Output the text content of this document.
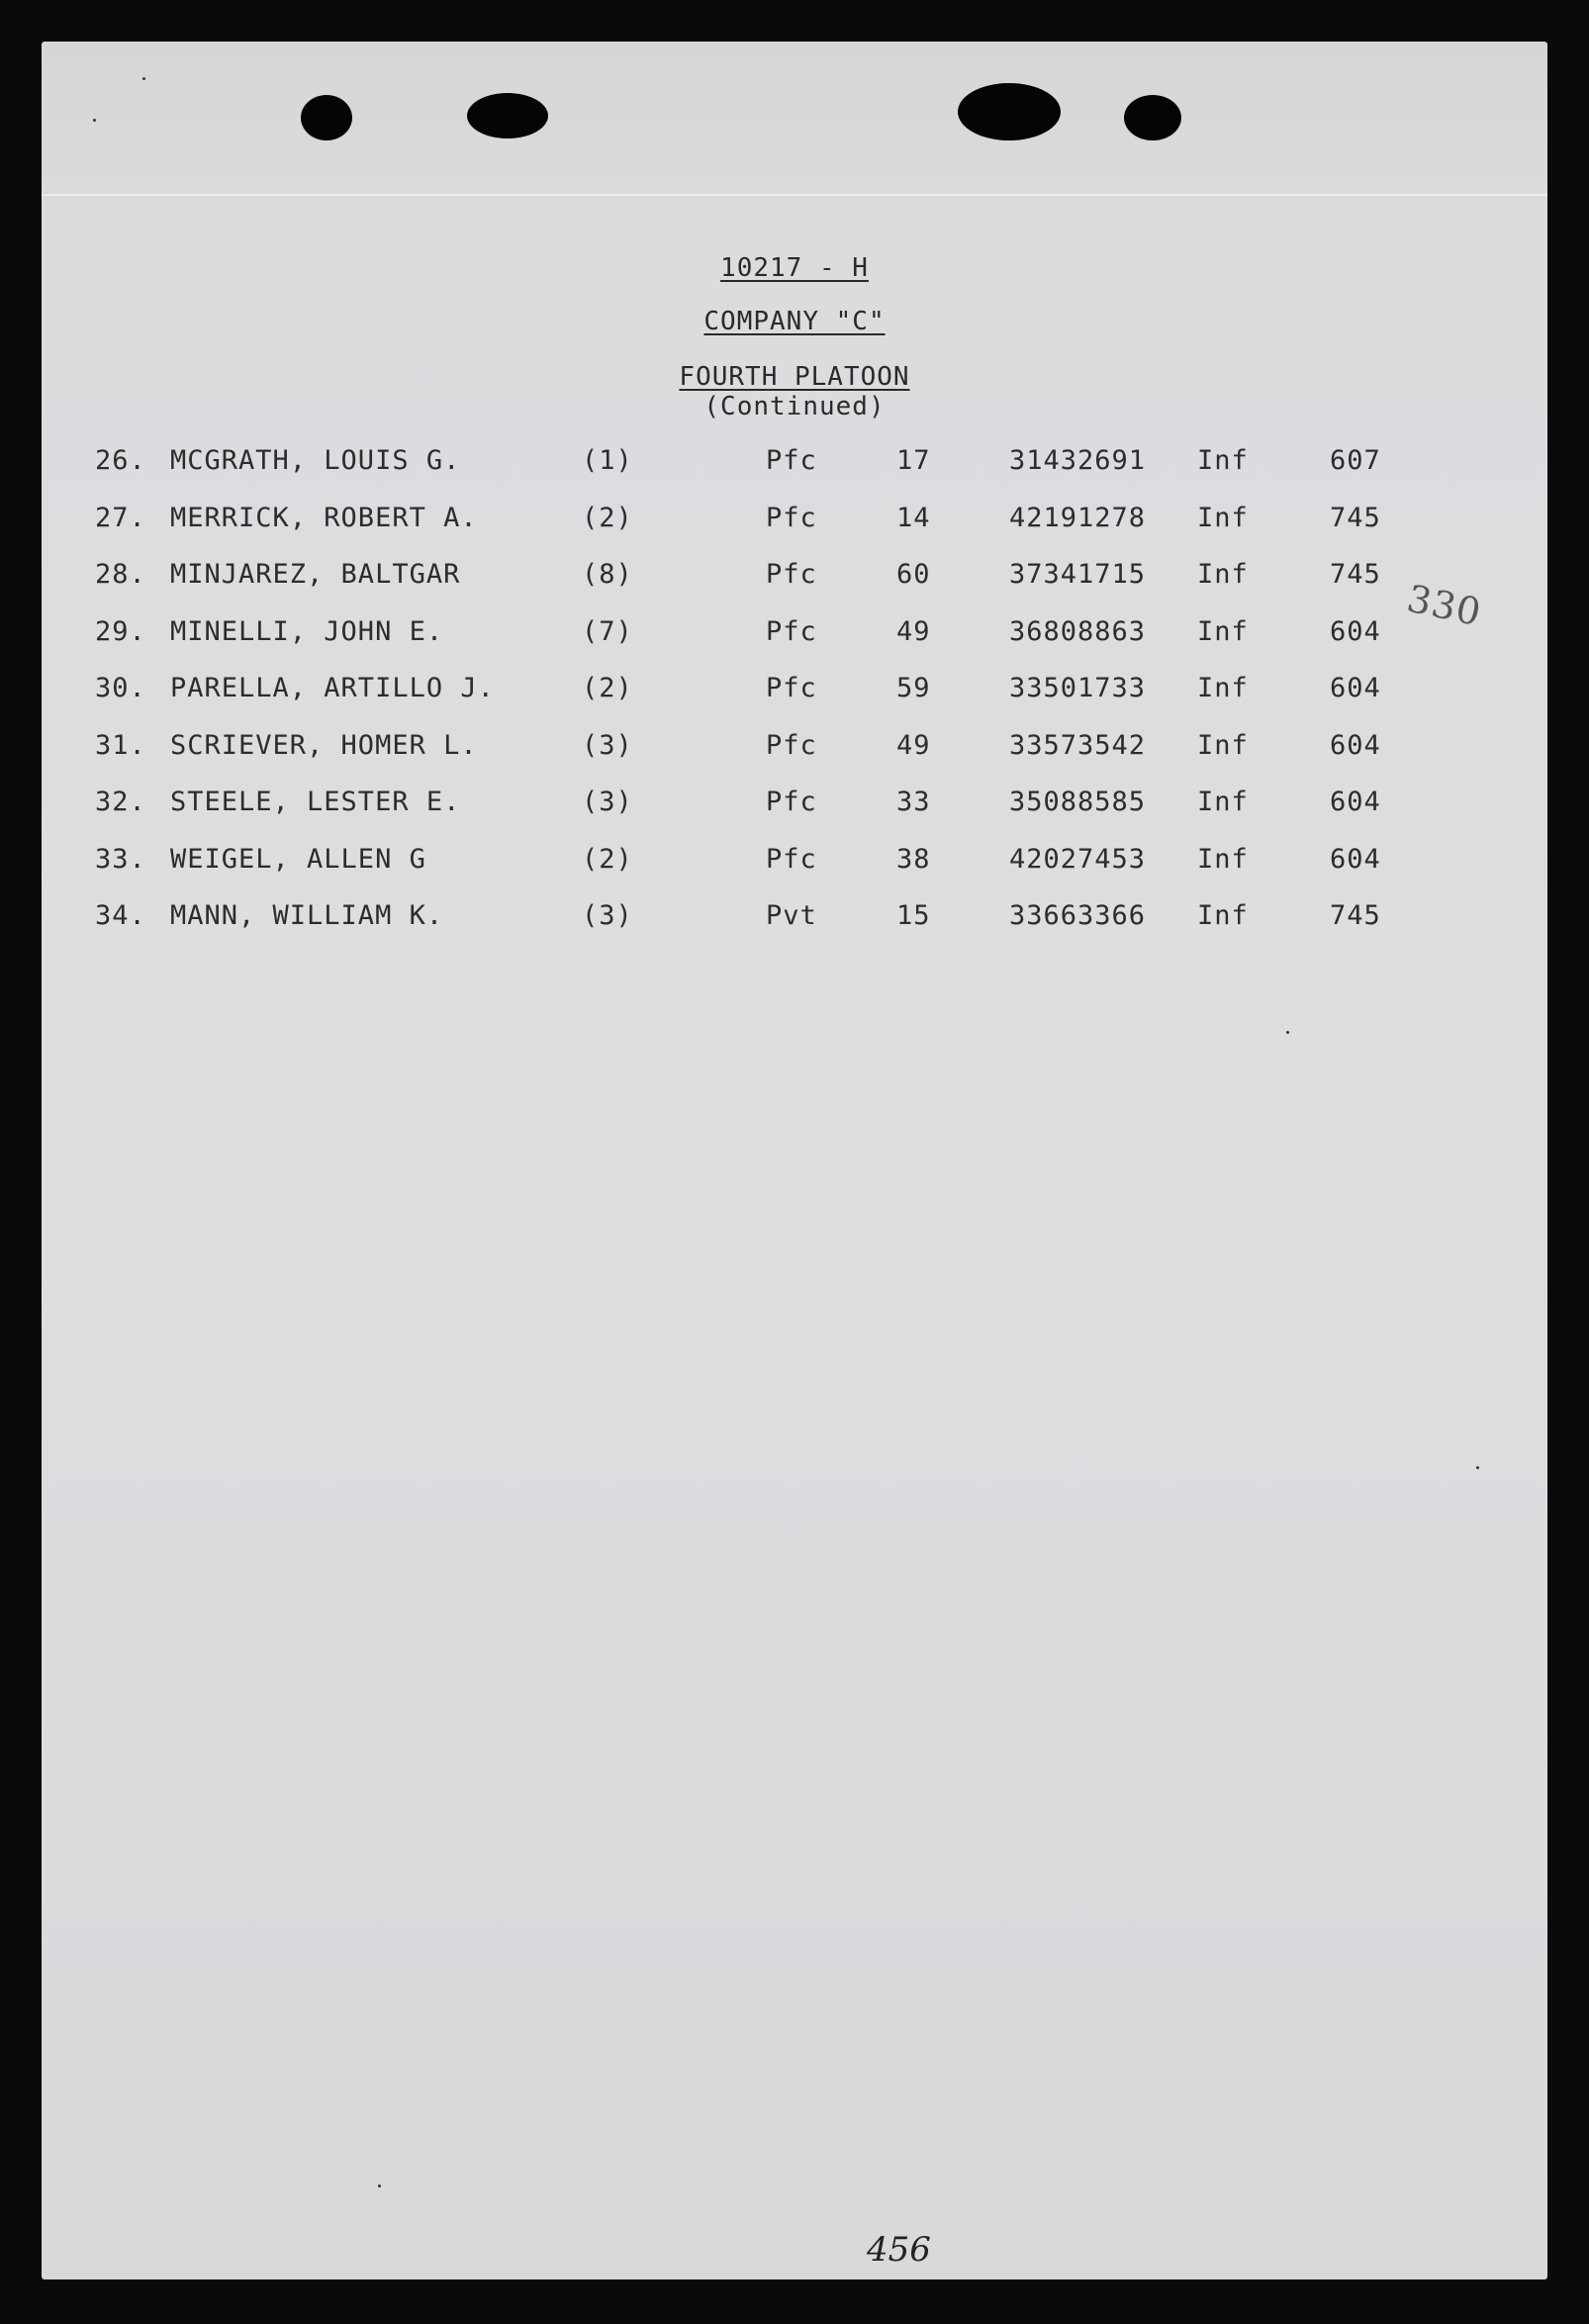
10217 - H
COMPANY "C"
FOURTH PLATOON
(Continued)
26. MCGRATH, LOUIS G.	(1)	Pfc	17	31432691 Inf	607
27. MERRICK, ROBERT A.	(2)	Pfc	14	42191278 Inf	745
28. MINJAREZ, BALTGAR	(8)	Pfc	60	37341715 Inf	745
29. MINELLI, JOHN E.	(7)	Pfc	49	36808863 Inf	604
30. PARELLA, ARTILLO J.	(2)	Pfc	59	33501733 Inf	604
31. SCRIEVER, HOMER L.	(3)	Pfc	49	33573542 Inf	604
32. STEELE, LESTER E.	(3)	Pfc	33	35088585 Inf	604
33. WEIGEL, ALLEN G	(2)	Pfc	38	42027453 Inf	604
34. MANN, WILLIAM K.	(3)	Pvt	15	33663366 Inf	745
330
456
